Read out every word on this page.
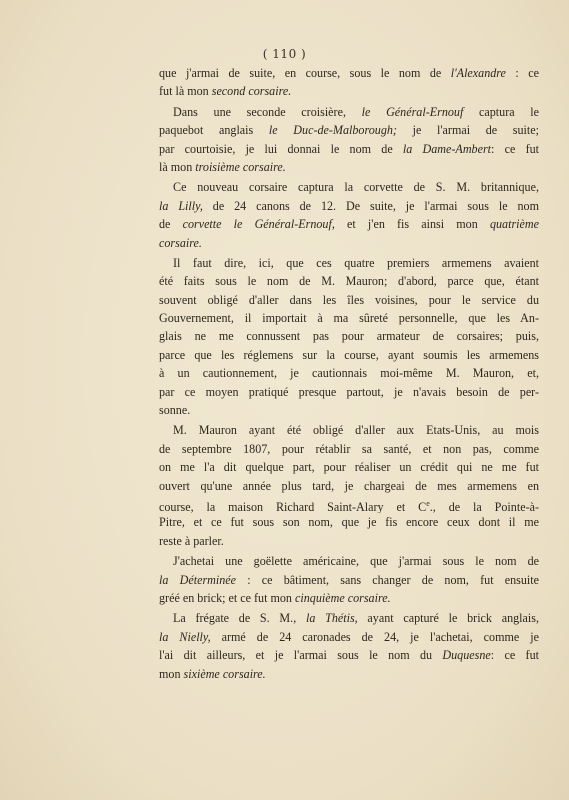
( 110 )
que j'armai de suite, en course, sous le nom de l'Alexandre : ce
fut là mon second corsaire.
Dans une seconde croisière, le Général-Ernouf captura le
paquebot anglais le Duc-de-Malborough; je l'armai de suite;
par courtoisie, je lui donnai le nom de la Dame-Ambert: ce fut
là mon troisième corsaire.
Ce nouveau corsaire captura la corvette de S. M. britannique,
la Lilly, de 24 canons de 12. De suite, je l'armai sous le nom
de corvette le Général-Ernouf, et j'en fis ainsi mon quatrième
corsaire.
Il faut dire, ici, que ces quatre premiers armemens avaient
été faits sous le nom de M. Mauron; d'abord, parce que, étant
souvent obligé d'aller dans les îles voisines, pour le service du
Gouvernement, il importait à ma sûreté personnelle, que les An-
glais ne me connussent pas pour armateur de corsaires; puis,
parce que les réglemens sur la course, ayant soumis les armemens
à un cautionnement, je cautionnais moi-même M. Mauron, et,
par ce moyen pratiqué presque partout, je n'avais besoin de per-
sonne.
M. Mauron ayant été obligé d'aller aux Etats-Unis, au mois
de septembre 1807, pour rétablir sa santé, et non pas, comme
on me l'a dit quelque part, pour réaliser un crédit qui ne me fut
ouvert qu'une année plus tard, je chargeai de mes armemens en
course, la maison Richard Saint-Alary et Ce., de la Pointe-à-
Pitre, et ce fut sous son nom, que je fis encore ceux dont il me
reste à parler.
J'achetai une goëlette américaine, que j'armai sous le nom de
la Déterminée : ce bâtiment, sans changer de nom, fut ensuite
gréé en brick; et ce fut mon cinquième corsaire.
La frégate de S. M., la Thétis, ayant capturé le brick anglais,
la Nielly, armé de 24 caronades de 24, je l'achetai, comme je
l'ai dit ailleurs, et je l'armai sous le nom du Duquesne: ce fut
mon sixième corsaire.
